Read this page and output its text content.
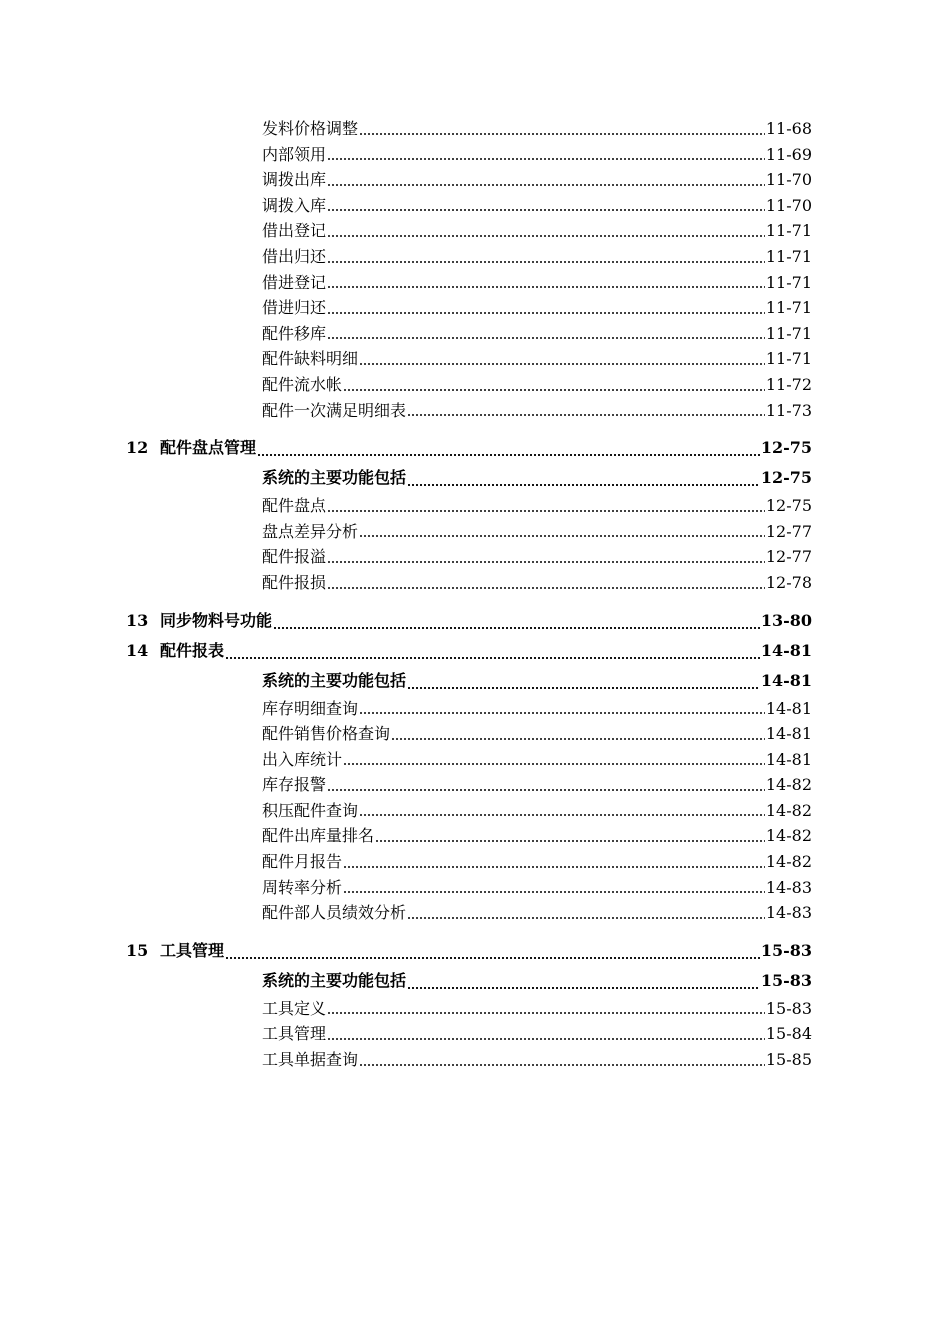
发料价格调整	11-68
内部领用	11-69
调拨出库	11-70
调拨入库	11-70
借出登记	11-71
借出归还	11-71
借进登记	11-71
借进归还	11-71
配件移库	11-71
配件缺料明细	11-71
配件流水帐	11-72
配件一次满足明细表	11-73
12 配件盘点管理	12-75
系统的主要功能包括	12-75
配件盘点	12-75
盘点差异分析	12-77
配件报溢	12-77
配件报损	12-78
13 同步物料号功能	13-80
14 配件报表	14-81
系统的主要功能包括	14-81
库存明细查询	14-81
配件销售价格查询	14-81
出入库统计	14-81
库存报警	14-82
积压配件查询	14-82
配件出库量排名	14-82
配件月报告	14-82
周转率分析	14-83
配件部人员绩效分析	14-83
15 工具管理	15-83
系统的主要功能包括	15-83
工具定义	15-83
工具管理	15-84
工具单据查询	15-85
